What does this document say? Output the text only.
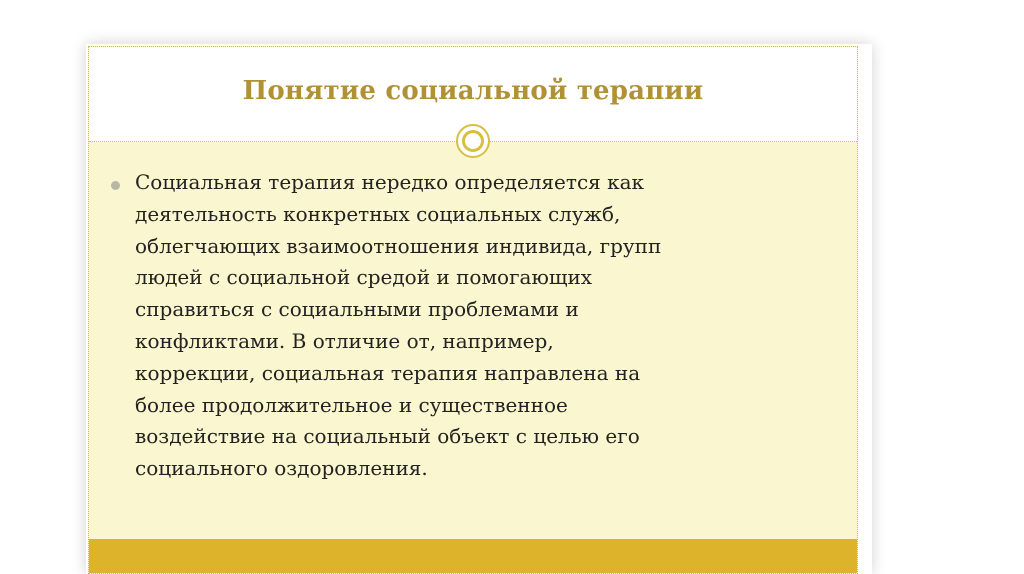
Понятие социальной терапии

Социальная терапия нередко определяется как
деятельность конкретных социальных служб,
облегчающих взаимоотношения индивида, групп
людей с социальной средой и помогающих
справиться с социальными проблемами и
конфликтами. В отличие от, например,
коррекции, социальная терапия направлена на
более продолжительное и существенное
воздействие на социальный объект с целью его
социального оздоровления.
